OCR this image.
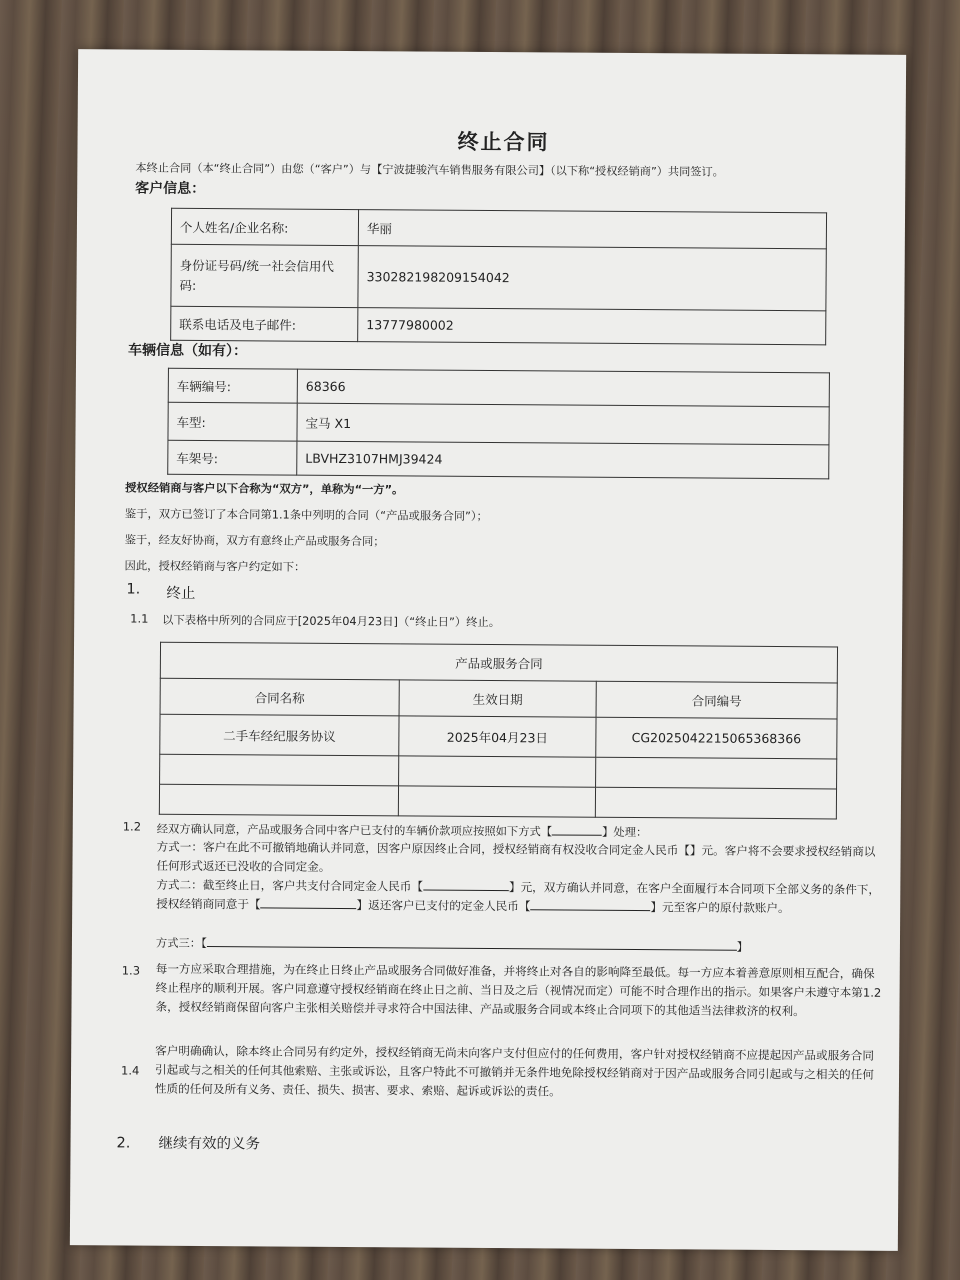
终止合同
本终止合同（本“终止合同”）由您（“客户”）与【宁波捷骏汽车销售服务有限公司】（以下称“授权经销商”）共同签订。
客户信息：
个人姓名/企业名称:	华丽
身份证号码/统一社会信用代码:	330282198209154042
联系电话及电子邮件:	13777980002
车辆信息（如有）：
车辆编号:	68366
车型:	宝马 X1
车架号:	LBVHZ3107HMJ39424
授权经销商与客户以下合称为“双方”，单称为“一方”。
鉴于，双方已签订了本合同第1.1条中列明的合同（“产品或服务合同”）；
鉴于，经友好协商，双方有意终止产品或服务合同；
因此，授权经销商与客户约定如下：
1. 终止
1.1 以下表格中所列的合同应于[2025年04月23日]（“终止日”）终止。
产品或服务合同		
合同名称	生效日期	合同编号
二手车经纪服务协议	2025年04月23日	CG2025042215065368366

1.2 经双方确认同意，产品或服务合同中客户已支付的车辆价款项应按照如下方式【	】处理：
方式一：客户在此不可撤销地确认并同意，因客户原因终止合同，授权经销商有权没收合同定金人民币【】元。客户将不会要求授权经销商以任何形式返还已没收的合同定金。
方式二：截至终止日，客户共支付合同定金人民币【	】元，双方确认并同意，在客户全面履行本合同项下全部义务的条件下，授权经销商同意于【	】返还客户已支付的定金人民币【	】元至客户的原付款账户。
方式三：【	】
1.3 每一方应采取合理措施，为在终止日终止产品或服务合同做好准备，并将终止对各自的影响降至最低。每一方应本着善意原则相互配合，确保终止程序的顺利开展。客户同意遵守授权经销商在终止日之前、当日及之后（视情况而定）可能不时合理作出的指示。如果客户未遵守本第1.2条，授权经销商保留向客户主张相关赔偿并寻求符合中国法律、产品或服务合同或本终止合同项下的其他适当法律救济的权利。
1.4
客户明确确认，除本终止合同另有约定外，授权经销商无尚未向客户支付但应付的任何费用，客户针对授权经销商不应提起因产品或服务合同引起或与之相关的任何其他索赔、主张或诉讼，且客户特此不可撤销并无条件地免除授权经销商对于因产品或服务合同引起或与之相关的任何性质的任何及所有义务、责任、损失、损害、要求、索赔、起诉或诉讼的责任。
2. 继续有效的义务
